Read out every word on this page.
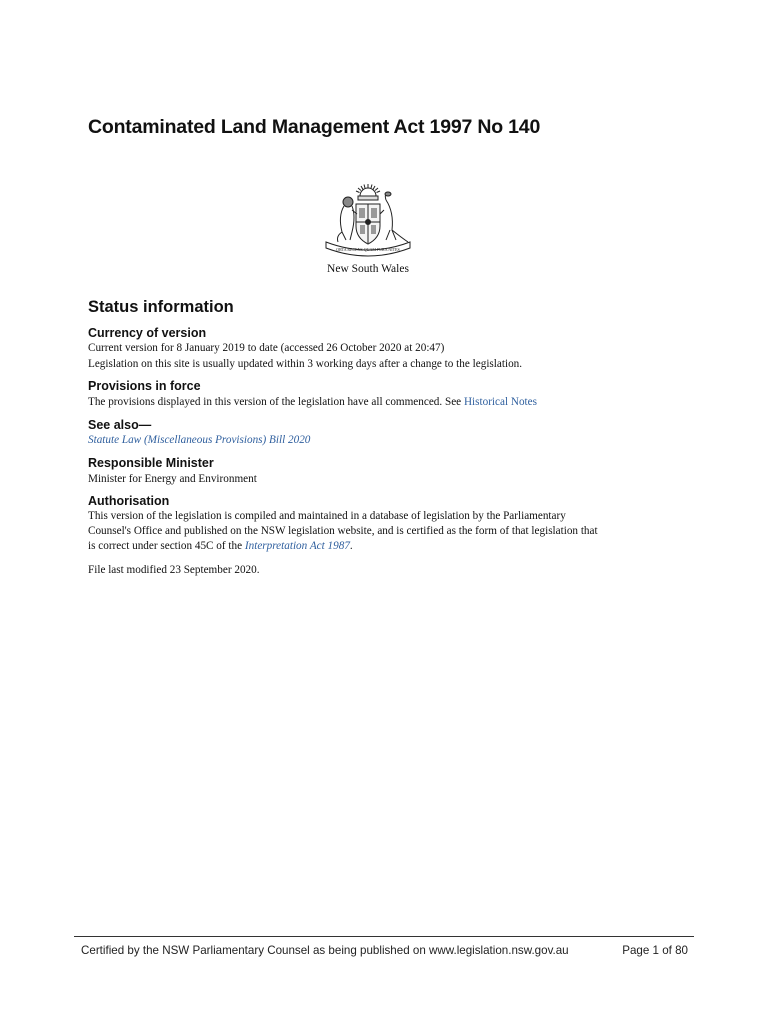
Contaminated Land Management Act 1997 No 140
ORTA RECENS QUAM PURA NITES
New South Wales
Status information
Currency of version

Current version for 8 January 2019 to date (accessed 26 October 2020 at 20:47)

Legislation on this site is usually updated within 3 working days after a change to the legislation.

Provisions in force

The provisions displayed in this version of the legislation have all commenced. See Historical Notes

See also—

Statute Law (Miscellaneous Provisions) Bill 2020

Responsible Minister

Minister for Energy and Environment

Authorisation

This version of the legislation is compiled and maintained in a database of legislation by the Parliamentary

Counsel's Office and published on the NSW legislation website, and is certified as the form of that legislation that

is correct under section 45C of the Interpretation Act 1987.

File last modified 23 September 2020.

Certified by the NSW Parliamentary Counsel as being published on www.legislation.nsw.gov.au	Page 1 of 80
